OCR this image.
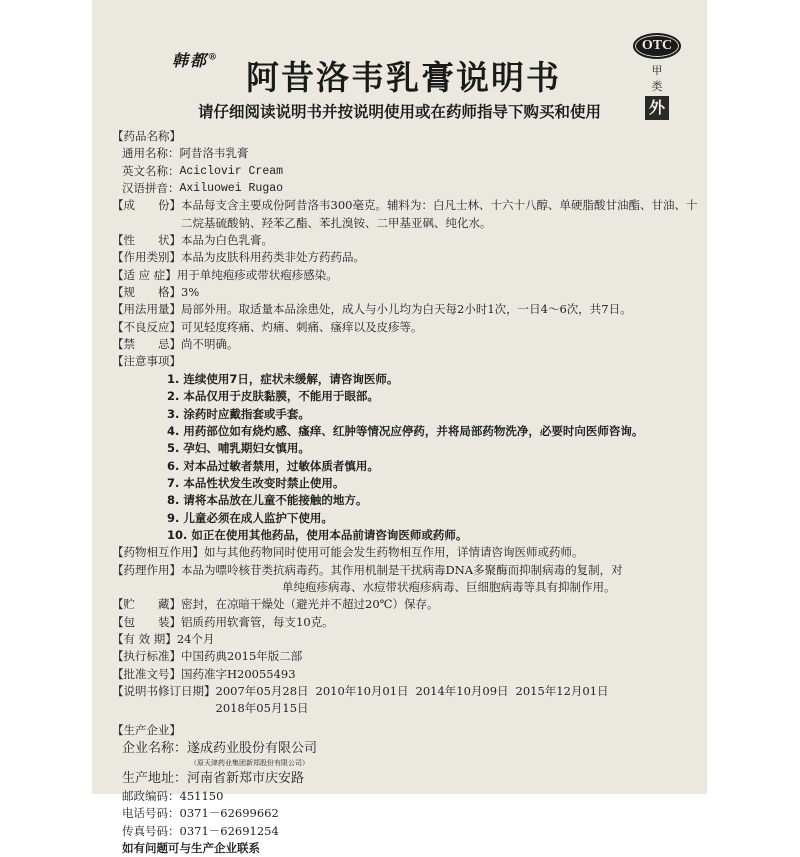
韩都®
阿昔洛韦乳膏说明书
请仔细阅读说明书并按说明使用或在药师指导下购买和使用
OTC
甲类
外
【药品名称】
通用名称： 阿昔洛韦乳膏
英文名称： Aciclovir Cream
汉语拼音： Axiluowei Rugao
【成　　份】 本品每支含主要成份阿昔洛韦300毫克。辅料为：白凡士林、十六十八醇、单硬脂酸甘油酯、甘油、十二烷基硫酸钠、羟苯乙酯、苯扎溴铵、二甲基亚砜、纯化水。
【性　　状】 本品为白色乳膏。
【作用类别】 本品为皮肤科用药类非处方药药品。
【适 应 症】 用于单纯疱疹或带状疱疹感染。
【规　　格】 3%
【用法用量】 局部外用。取适量本品涂患处，成人与小儿均为白天每2小时1次，一日4～6次，共7日。
【不良反应】 可见轻度疼痛、灼痛、刺痛、瘙痒以及皮疹等。
【禁　　忌】 尚不明确。
【注意事项】
1. 连续使用7日，症状未缓解，请咨询医师。
2. 本品仅用于皮肤黏膜，不能用于眼部。
3. 涂药时应戴指套或手套。
4. 用药部位如有烧灼感、瘙痒、红肿等情况应停药，并将局部药物洗净，必要时向医师咨询。
5. 孕妇、哺乳期妇女慎用。
6. 对本品过敏者禁用，过敏体质者慎用。
7. 本品性状发生改变时禁止使用。
8. 请将本品放在儿童不能接触的地方。
9. 儿童必须在成人监护下使用。
10. 如正在使用其他药品，使用本品前请咨询医师或药师。
【药物相互作用】 如与其他药物同时使用可能会发生药物相互作用，详情请咨询医师或药师。
【药理作用】 本品为嘌呤核苷类抗病毒药。其作用机制是干扰病毒DNA多聚酶而抑制病毒的复制，对
单纯疱疹病毒、水痘带状疱疹病毒、巨细胞病毒等具有抑制作用。
【贮　　藏】 密封，在凉暗干燥处（避光并不超过20℃）保存。
【包　　装】 铝质药用软膏管，每支10克。
【有 效 期】 24个月
【执行标准】 中国药典2015年版二部
【批准文号】 国药准字H20055493
【说明书修订日期】 2007年05月28日 2010年10月01日 2014年10月09日 2015年12月01日
2018年05月15日
【生产企业】
企业名称： 遂成药业股份有限公司
（原天津药业集团新郑股份有限公司）
生产地址： 河南省新郑市庆安路
邮政编码： 451150
电话号码： 0371－62699662
传真号码： 0371－62691254
如有问题可与生产企业联系
